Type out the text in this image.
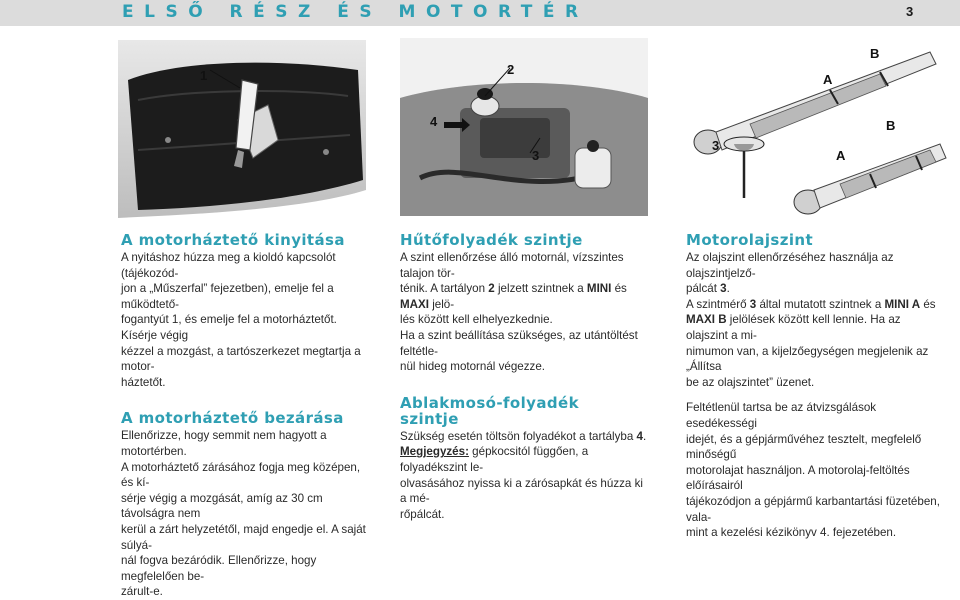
ELSŐ RÉSZ ÉS MOTORTÉR	3
1	2
4
3
B
A
B
3
A

A motorháztető kinyitása

A nyitáshoz húzza meg a kioldó kapcsolót (tájékozód-

jon a „Műszerfal” fejezetben), emelje fel a működtető-

fogantyút 1, és emelje fel a motorháztetőt. Kísérje végig

kézzel a mozgást, a tartószerkezet megtartja a motor-

háztetőt.

A motorháztető bezárása

Ellenőrizze, hogy semmit nem hagyott a motortérben.

A motorháztető zárásához fogja meg középen, és kí-

sérje végig a mozgását, amíg az 30 cm távolságra nem

kerül a zárt helyzetétől, majd engedje el. A saját súlyá-

nál fogva bezáródik. Ellenőrizze, hogy megfelelően be-

zárult-e.

Hűtőfolyadék szintje

A szint ellenőrzése álló motornál, vízszintes talajon tör-

ténik. A tartályon 2 jelzett szintnek a MINI és MAXI jelö-

lés között kell elhelyezkednie.

Ha a szint beállítása szükséges, az utántöltést feltétle-

nül hideg motornál végezze.

Ablakmosó-folyadék

szintje

Szükség esetén töltsön folyadékot a tartályba 4.

Megjegyzés: gépkocsitól függően, a folyadékszint le-

olvasásához nyissa ki a zárósapkát és húzza ki a mé-

rőpálcát.

Motorolajszint

Az olajszint ellenőrzéséhez használja az olajszintjelző-

pálcát 3.

A szintmérő 3 által mutatott szintnek a MINI A és

MAXI B jelölések között kell lennie. Ha az olajszint a mi-

nimumon van, a kijelzőegységen megjelenik az „Állítsa

be az olajszintet” üzenet.

Feltétlenül tartsa be az átvizsgálások esedékességi

idejét, és a gépjárművéhez tesztelt, megfelelő minőségű

motorolajat használjon. A motorolaj-feltöltés előírásairól

tájékozódjon a gépjármű karbantartási füzetében, vala-

mint a kezelési kézikönyv 4. fejezetében.
